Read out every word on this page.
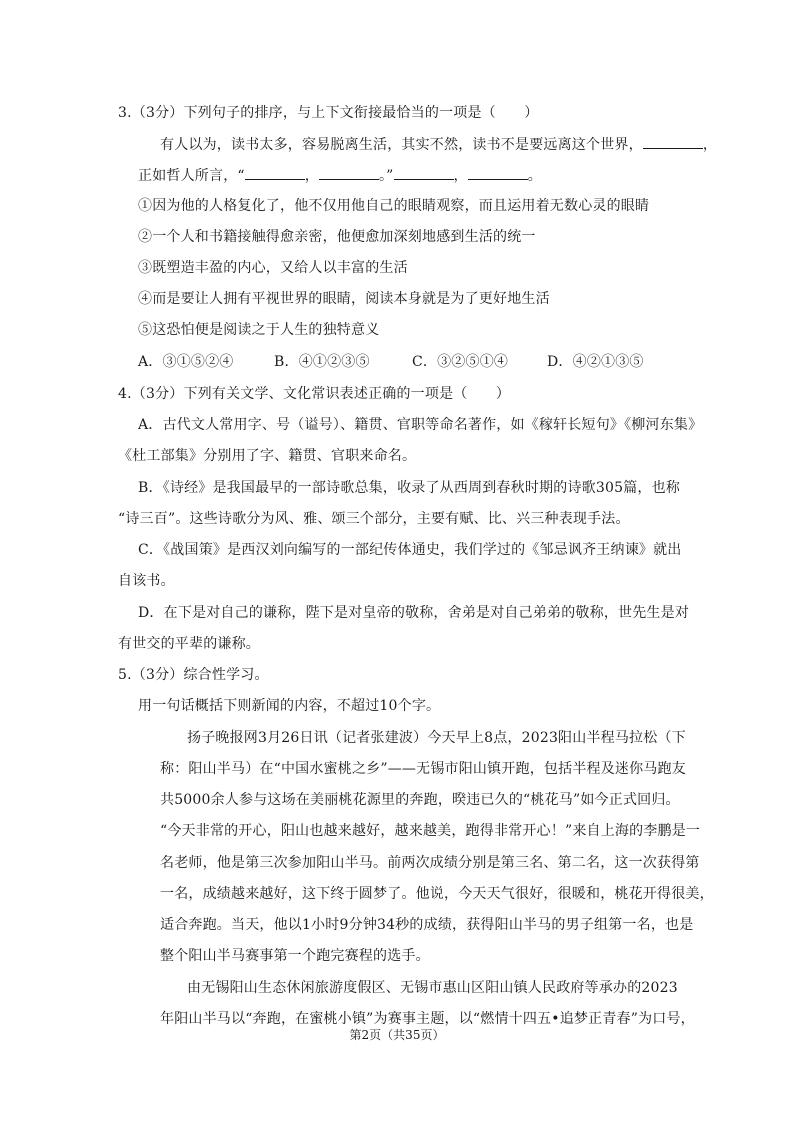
3.（3分）下列句子的排序，与上下文衔接最恰当的一项是（　　）
有人以为，读书太多，容易脱离生活，其实不然，读书不是要远离这个世界，	，
正如哲人所言，“	，	。”	，	。
①因为他的人格复化了，他不仅用他自己的眼睛观察，而且运用着无数心灵的眼睛
②一个人和书籍接触得愈亲密，他便愈加深刻地感到生活的统一
③既塑造丰盈的内心，又给人以丰富的生活
④而是要让人拥有平视世界的眼睛，阅读本身就是为了更好地生活
⑤这恐怕便是阅读之于人生的独特意义
A．③①⑤②④	B．④①②③⑤	C．③②⑤①④	D．④②①③⑤
4.（3分）下列有关文学、文化常识表述正确的一项是（　　）
A．古代文人常用字、号（谥号）、籍贯、官职等命名著作，如《稼轩长短句》《柳河东集》
《杜工部集》分别用了字、籍贯、官职来命名。
B．《诗经》是我国最早的一部诗歌总集，收录了从西周到春秋时期的诗歌305篇，也称
“诗三百”。这些诗歌分为风、雅、颂三个部分，主要有赋、比、兴三种表现手法。
C．《战国策》是西汉刘向编写的一部纪传体通史，我们学过的《邹忌讽齐王纳谏》就出
自该书。
D．在下是对自己的谦称，陛下是对皇帝的敬称，舍弟是对自己弟弟的敬称，世先生是对
有世交的平辈的谦称。
5.（3分）综合性学习。
用一句话概括下则新闻的内容，不超过10个字。
扬子晚报网3月26日讯（记者张建波）今天早上8点，2023阳山半程马拉松（下
称：阳山半马）在“中国水蜜桃之乡”——无锡市阳山镇开跑，包括半程及迷你马跑友
共5000余人参与这场在美丽桃花源里的奔跑，暌违已久的“桃花马”如今正式回归。
“今天非常的开心，阳山也越来越好，越来越美，跑得非常开心！”来自上海的李鹏是一
名老师，他是第三次参加阳山半马。前两次成绩分别是第三名、第二名，这一次获得第
一名，成绩越来越好，这下终于圆梦了。他说，今天天气很好，很暖和，桃花开得很美，
适合奔跑。当天，他以1小时9分钟34秒的成绩，获得阳山半马的男子组第一名，也是
整个阳山半马赛事第一个跑完赛程的选手。
由无锡阳山生态休闲旅游度假区、无锡市惠山区阳山镇人民政府等承办的2023
年阳山半马以“奔跑，在蜜桃小镇”为赛事主题，以“燃情十四五•追梦正青春”为口号，
第2页（共35页）
